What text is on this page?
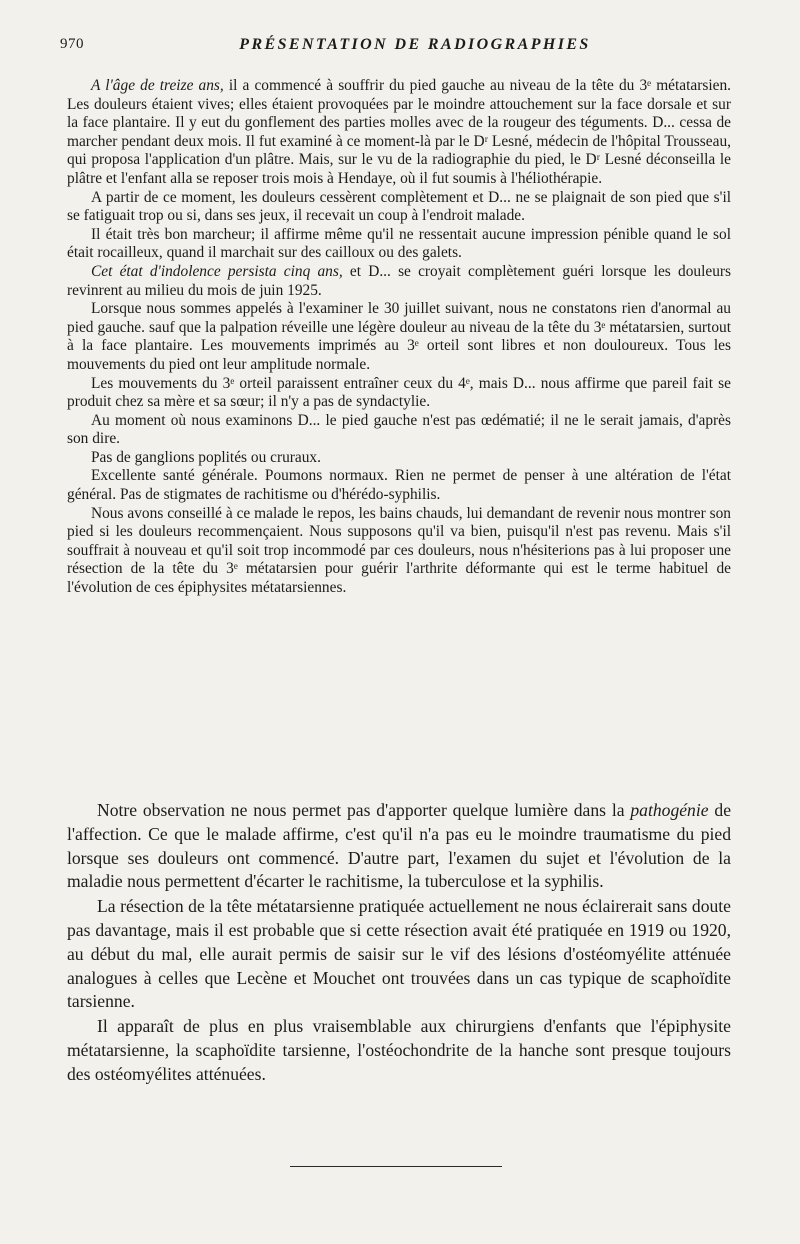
970	PRÉSENTATION DE RADIOGRAPHIES

A l'âge de treize ans, il a commencé à souffrir du pied gauche au niveau de la tête du 3ᵉ métatarsien. Les douleurs étaient vives; elles étaient provoquées par le moindre attouchement sur la face dorsale et sur la face plantaire. Il y eut du gonflement des parties molles avec de la rougeur des téguments. D... cessa de marcher pendant deux mois. Il fut examiné à ce moment-là par le Dʳ Lesné, médecin de l'hôpital Trousseau, qui proposa l'application d'un plâtre. Mais, sur le vu de la radiographie du pied, le Dʳ Lesné déconseilla le plâtre et l'enfant alla se reposer trois mois à Hendaye, où il fut soumis à l'héliothérapie.

A partir de ce moment, les douleurs cessèrent complètement et D... ne se plaignait de son pied que s'il se fatiguait trop ou si, dans ses jeux, il recevait un coup à l'endroit malade.

Il était très bon marcheur; il affirme même qu'il ne ressentait aucune impression pénible quand le sol était rocailleux, quand il marchait sur des cailloux ou des galets.

Cet état d'indolence persista cinq ans, et D... se croyait complètement guéri lorsque les douleurs revinrent au milieu du mois de juin 1925.

Lorsque nous sommes appelés à l'examiner le 30 juillet suivant, nous ne constatons rien d'anormal au pied gauche. sauf que la palpation réveille une légère douleur au niveau de la tête du 3ᵉ métatarsien, surtout à la face plantaire. Les mouvements imprimés au 3ᵉ orteil sont libres et non douloureux. Tous les mouvements du pied ont leur amplitude normale.

Les mouvements du 3ᵉ orteil paraissent entraîner ceux du 4ᵉ, mais D... nous affirme que pareil fait se produit chez sa mère et sa sœur; il n'y a pas de syndactylie.

Au moment où nous examinons D... le pied gauche n'est pas œdématié; il ne le serait jamais, d'après son dire.

Pas de ganglions poplités ou cruraux.

Excellente santé générale. Poumons normaux. Rien ne permet de penser à une altération de l'état général. Pas de stigmates de rachitisme ou d'hérédo-syphilis.

Nous avons conseillé à ce malade le repos, les bains chauds, lui demandant de revenir nous montrer son pied si les douleurs recommençaient. Nous supposons qu'il va bien, puisqu'il n'est pas revenu. Mais s'il souffrait à nouveau et qu'il soit trop incommodé par ces douleurs, nous n'hésiterions pas à lui proposer une résection de la tête du 3ᵉ métatarsien pour guérir l'arthrite déformante qui est le terme habituel de l'évolution de ces épiphysites métatarsiennes.

Notre observation ne nous permet pas d'apporter quelque lumière dans la pathogénie de l'affection. Ce que le malade affirme, c'est qu'il n'a pas eu le moindre traumatisme du pied lorsque ses douleurs ont commencé. D'autre part, l'examen du sujet et l'évolution de la maladie nous permettent d'écarter le rachitisme, la tuberculose et la syphilis.

La résection de la tête métatarsienne pratiquée actuellement ne nous éclairerait sans doute pas davantage, mais il est probable que si cette résection avait été pratiquée en 1919 ou 1920, au début du mal, elle aurait permis de saisir sur le vif des lésions d'ostéomyélite atténuée analogues à celles que Lecène et Mouchet ont trouvées dans un cas typique de scaphoïdite tarsienne.

Il apparaît de plus en plus vraisemblable aux chirurgiens d'enfants que l'épiphysite métatarsienne, la scaphoïdite tarsienne, l'ostéochondrite de la hanche sont presque toujours des ostéomyélites atténuées.
